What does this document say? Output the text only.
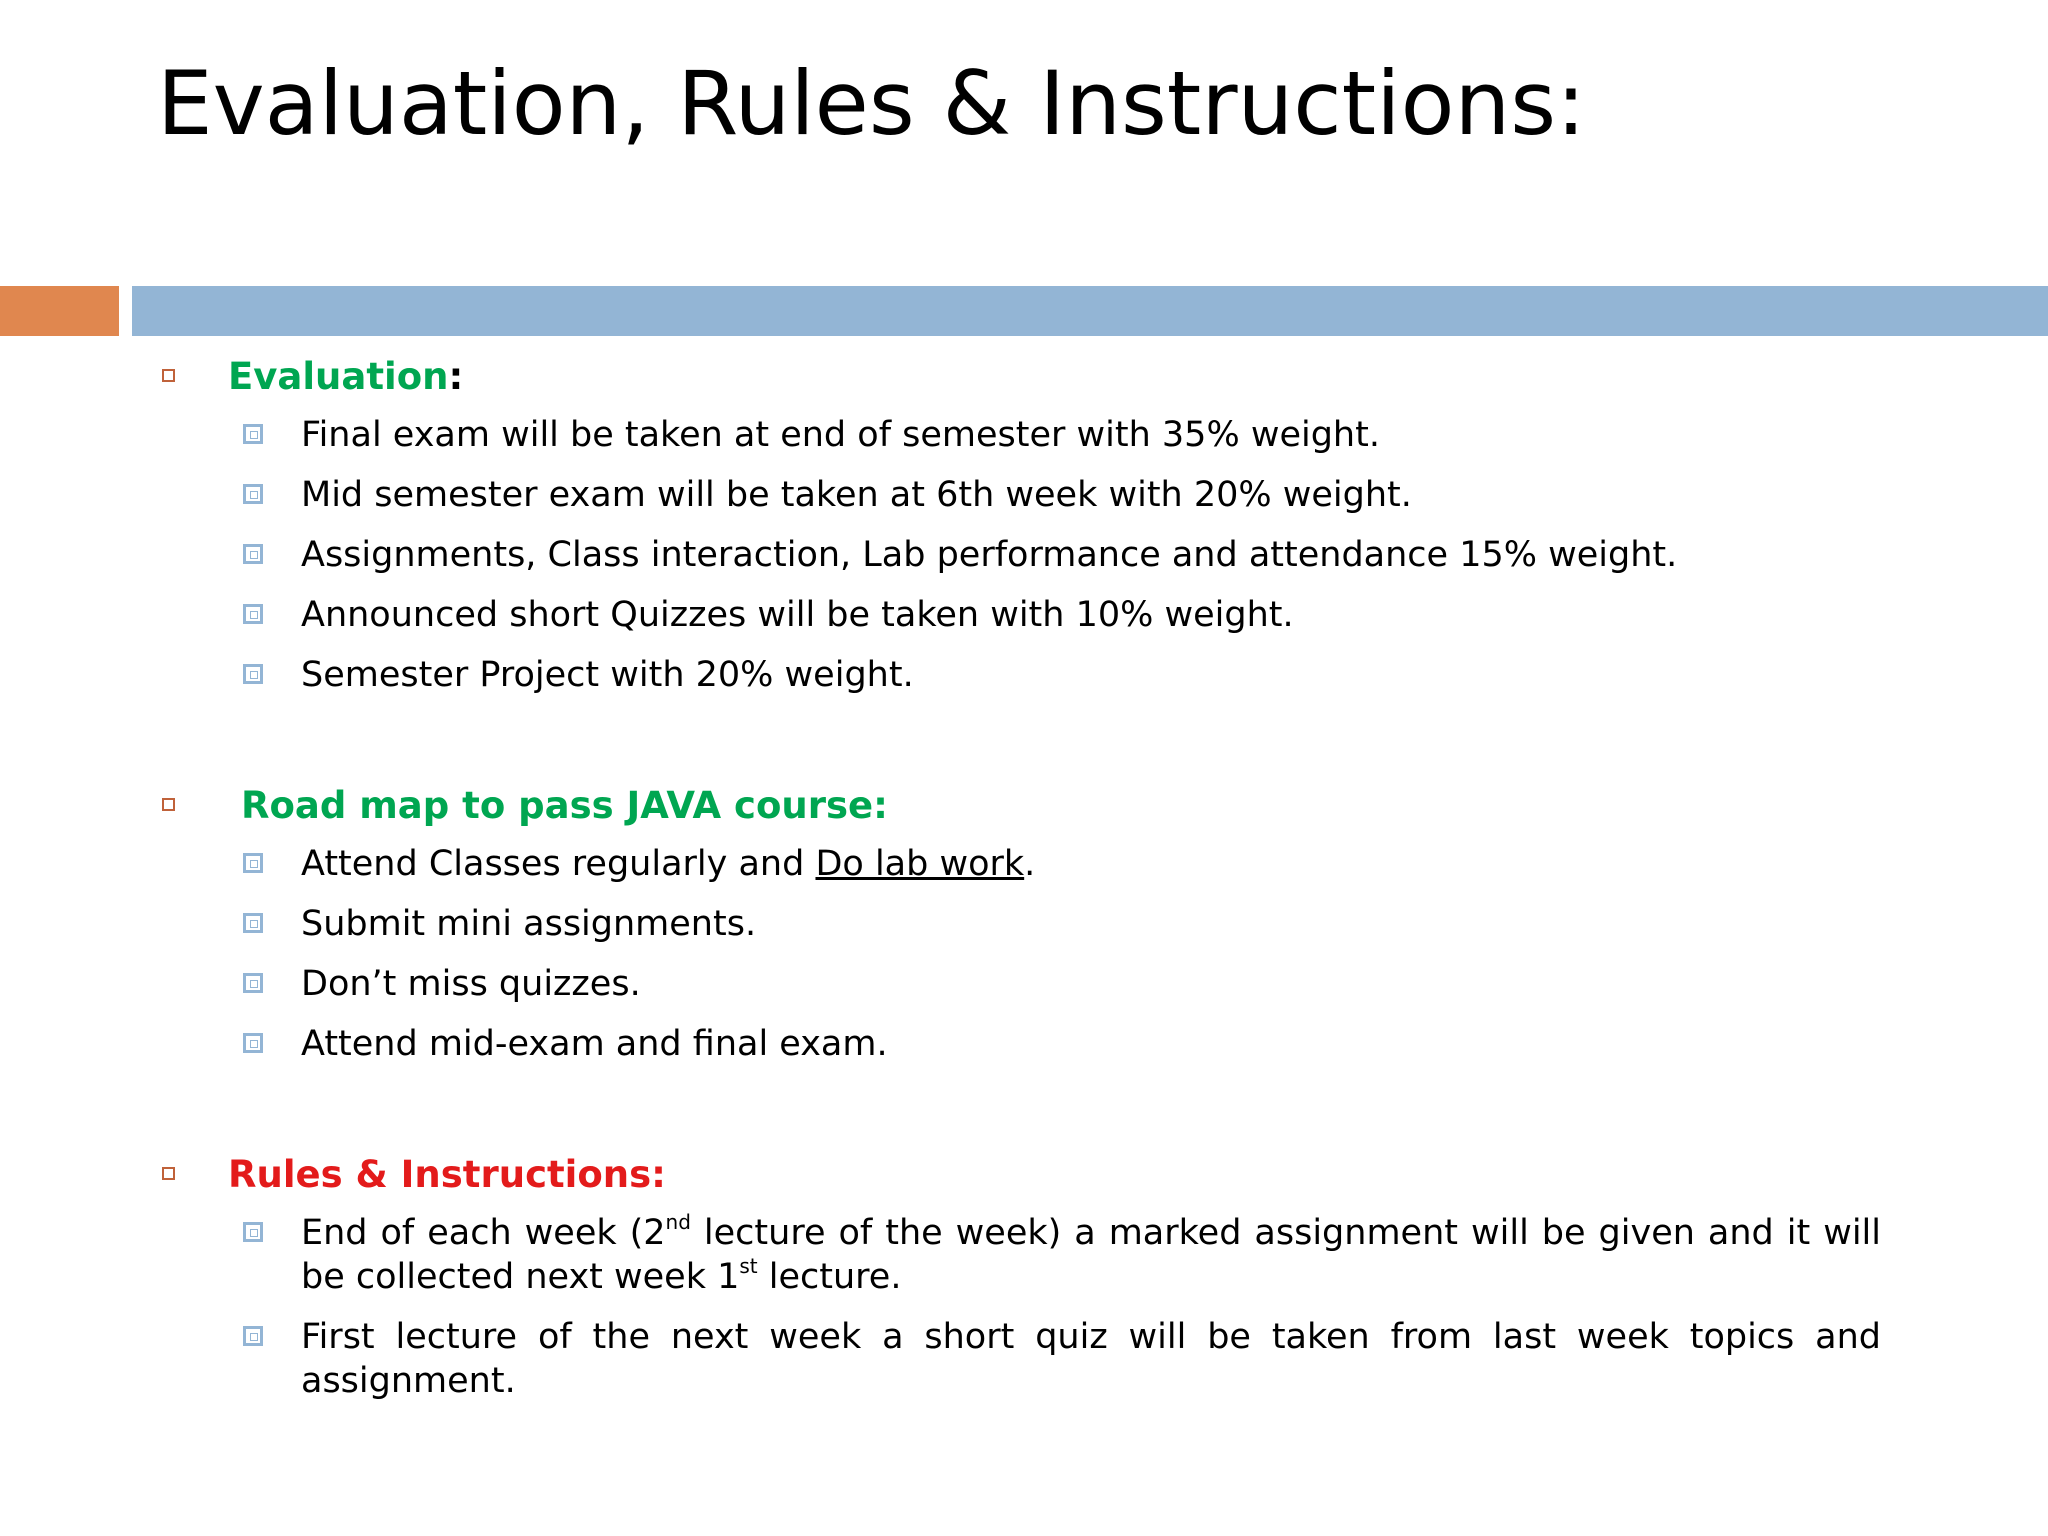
Evaluation, Rules & Instructions:
Evaluation:
Final exam will be taken at end of semester with 35% weight.
Mid semester exam will be taken at 6th week with 20% weight.
Assignments, Class interaction, Lab performance and attendance 15% weight.
Announced short Quizzes will be taken with 10% weight.
Semester Project with 20% weight.
Road map to pass JAVA course:
Attend Classes regularly and Do lab work.
Submit mini assignments.
Don’t miss quizzes.
Attend mid-exam and final exam.
Rules & Instructions:
End of each week (2nd lecture of the week) a marked assignment will be given and it will be collected next week 1st lecture.
First lecture of the next week a short quiz will be taken from last week topics and assignment.
